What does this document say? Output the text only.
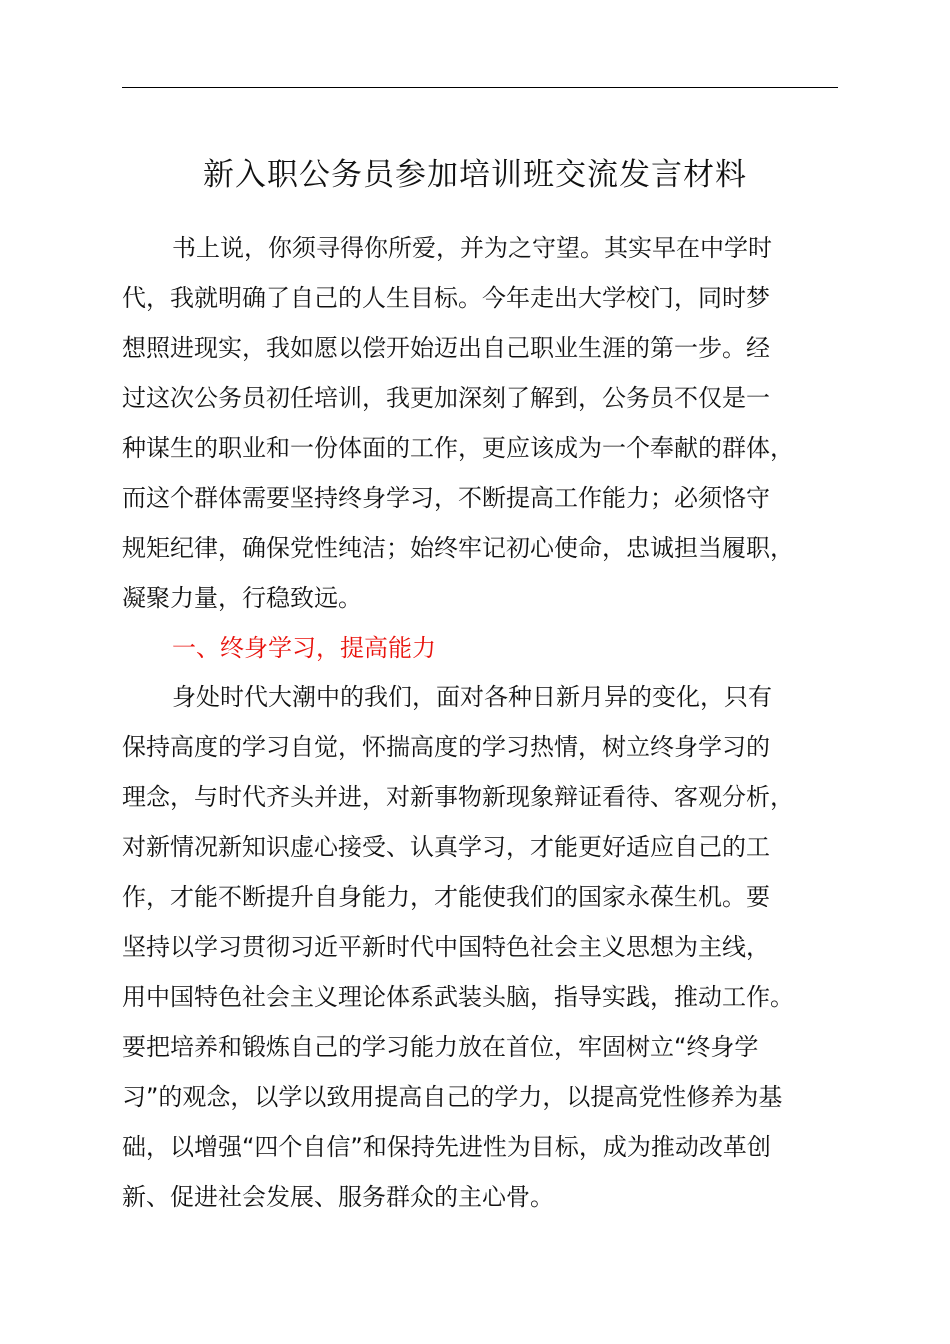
新入职公务员参加培训班交流发言材料
书上说，你须寻得你所爱，并为之守望。其实早在中学时
代，我就明确了自己的人生目标。今年走出大学校门，同时梦
想照进现实，我如愿以偿开始迈出自己职业生涯的第一步。经
过这次公务员初任培训，我更加深刻了解到，公务员不仅是一
种谋生的职业和一份体面的工作，更应该成为一个奉献的群体，
而这个群体需要坚持终身学习，不断提高工作能力；必须恪守
规矩纪律，确保党性纯洁；始终牢记初心使命，忠诚担当履职，
凝聚力量，行稳致远。
一、终身学习，提高能力
身处时代大潮中的我们，面对各种日新月异的变化，只有
保持高度的学习自觉，怀揣高度的学习热情，树立终身学习的
理念，与时代齐头并进，对新事物新现象辩证看待、客观分析，
对新情况新知识虚心接受、认真学习，才能更好适应自己的工
作，才能不断提升自身能力，才能使我们的国家永葆生机。要
坚持以学习贯彻习近平新时代中国特色社会主义思想为主线，
用中国特色社会主义理论体系武装头脑，指导实践，推动工作。
要把培养和锻炼自己的学习能力放在首位，牢固树立“终身学
习”的观念，以学以致用提高自己的学力，以提高党性修养为基
础，以增强“四个自信”和保持先进性为目标，成为推动改革创
新、促进社会发展、服务群众的主心骨。
